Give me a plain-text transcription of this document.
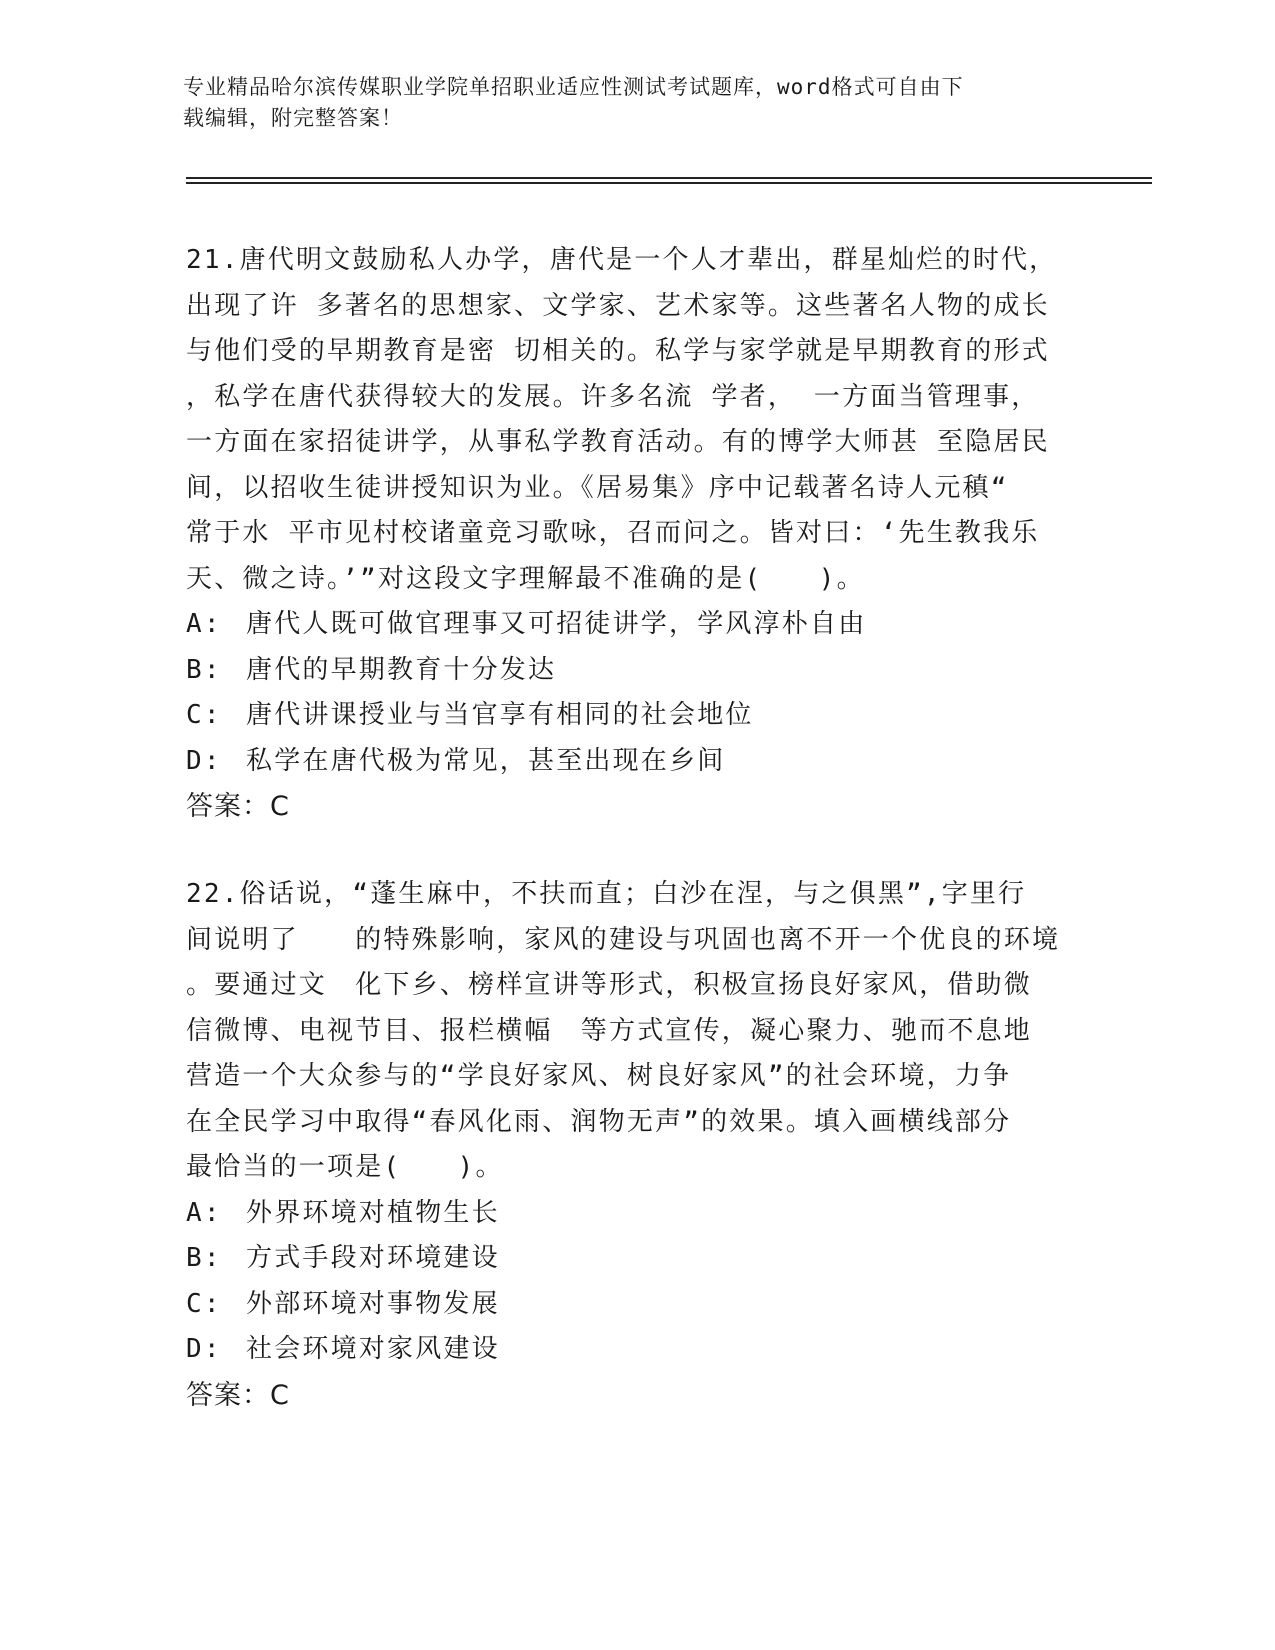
专业精品哈尔滨传媒职业学院单招职业适应性测试考试题库，word格式可自由下
载编辑，附完整答案！

21.唐代明文鼓励私人办学，唐代是一个人才辈出，群星灿烂的时代，
出现了许 多著名的思想家、文学家、艺术家等。这些著名人物的成长
与他们受的早期教育是密 切相关的。私学与家学就是早期教育的形式
，私学在唐代获得较大的发展。许多名流 学者， 一方面当管理事，
一方面在家招徒讲学，从事私学教育活动。有的博学大师甚 至隐居民
间，以招收生徒讲授知识为业。《居易集》序中记载著名诗人元稹“
常于水 平市见村校诸童竞习歌咏，召而问之。皆对曰：‘先生教我乐
天、微之诗。’”对这段文字理解最不准确的是(　　)。

A: 唐代人既可做官理事又可招徒讲学，学风淳朴自由
B: 唐代的早期教育十分发达
C: 唐代讲课授业与当官享有相同的社会地位
D: 私学在唐代极为常见，甚至出现在乡间
答案：C

22.俗话说，“蓬生麻中，不扶而直；白沙在涅，与之俱黑”,字里行
间说明了　　的特殊影响，家风的建设与巩固也离不开一个优良的环境
。要通过文　化下乡、榜样宣讲等形式，积极宣扬良好家风，借助微
信微博、电视节目、报栏横幅　等方式宣传，凝心聚力、驰而不息地
营造一个大众参与的“学良好家风、树良好家风”的社会环境，力争
在全民学习中取得“春风化雨、润物无声”的效果。填入画横线部分
最恰当的一项是(　　)。

A: 外界环境对植物生长
B: 方式手段对环境建设
C: 外部环境对事物发展
D: 社会环境对家风建设
答案：C
